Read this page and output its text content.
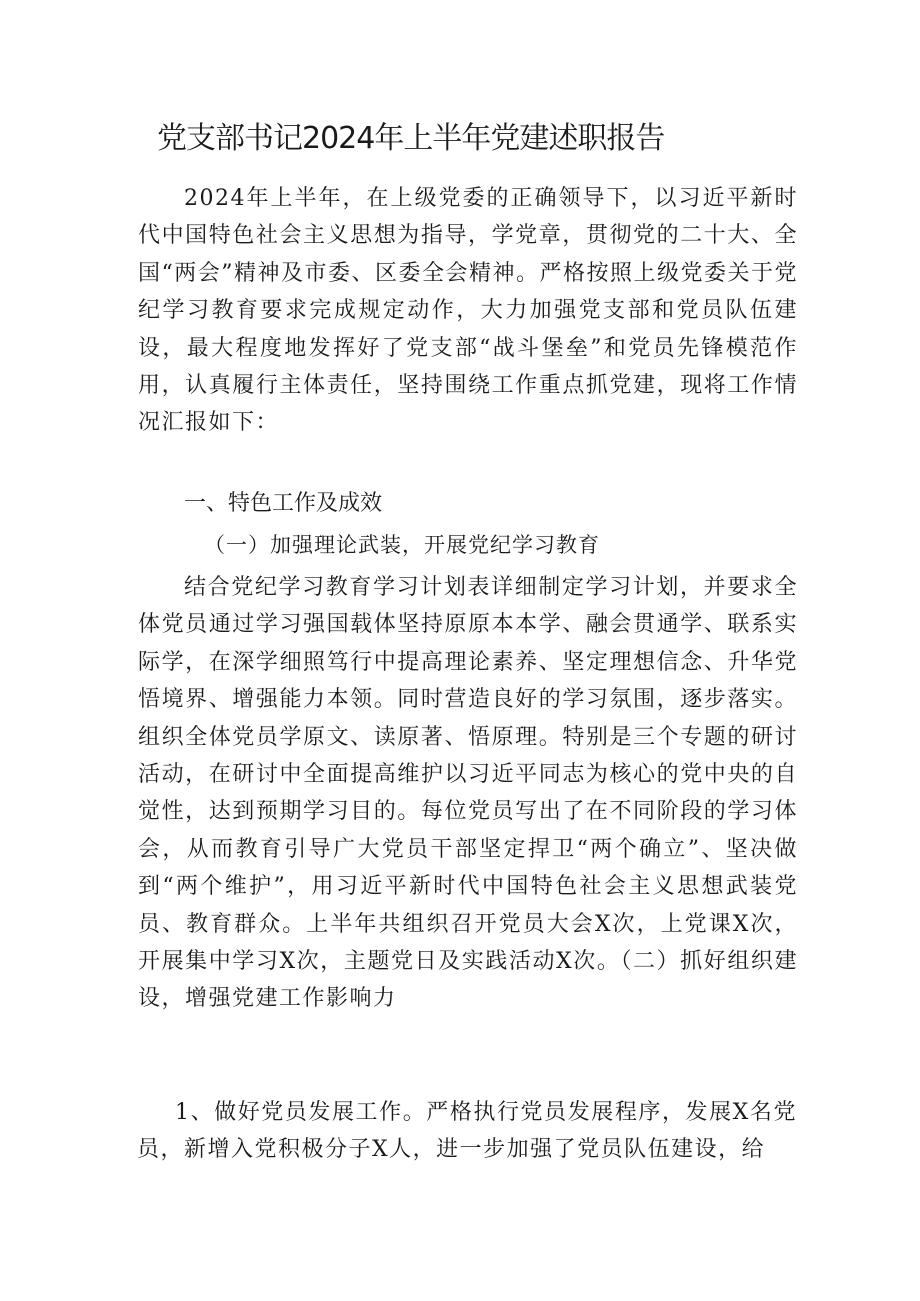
党支部书记2024年上半年党建述职报告

2024年上半年，在上级党委的正确领导下，以习近平新时代中国特色社会主义思想为指导，学党章，贯彻党的二十大、全国“两会”精神及市委、区委全会精神。严格按照上级党委关于党纪学习教育要求完成规定动作，大力加强党支部和党员队伍建设，最大程度地发挥好了党支部“战斗堡垒”和党员先锋模范作用，认真履行主体责任，坚持围绕工作重点抓党建，现将工作情况汇报如下：

一、特色工作及成效
（一）加强理论武装，开展党纪学习教育

结合党纪学习教育学习计划表详细制定学习计划，并要求全体党员通过学习强国载体坚持原原本本学、融会贯通学、联系实际学，在深学细照笃行中提高理论素养、坚定理想信念、升华党悟境界、增强能力本领。同时营造良好的学习氛围，逐步落实。组织全体党员学原文、读原著、悟原理。特别是三个专题的研讨活动，在研讨中全面提高维护以习近平同志为核心的党中央的自觉性，达到预期学习目的。每位党员写出了在不同阶段的学习体会，从而教育引导广大党员干部坚定捍卫“两个确立”、坚决做到“两个维护”，用习近平新时代中国特色社会主义思想武装党员、教育群众。上半年共组织召开党员大会X次，上党课X次，开展集中学习X次，主题党日及实践活动X次。（二）抓好组织建设，增强党建工作影响力

1、做好党员发展工作。严格执行党员发展程序，发展X名党员，新增入党积极分子X人，进一步加强了党员队伍建设，给
